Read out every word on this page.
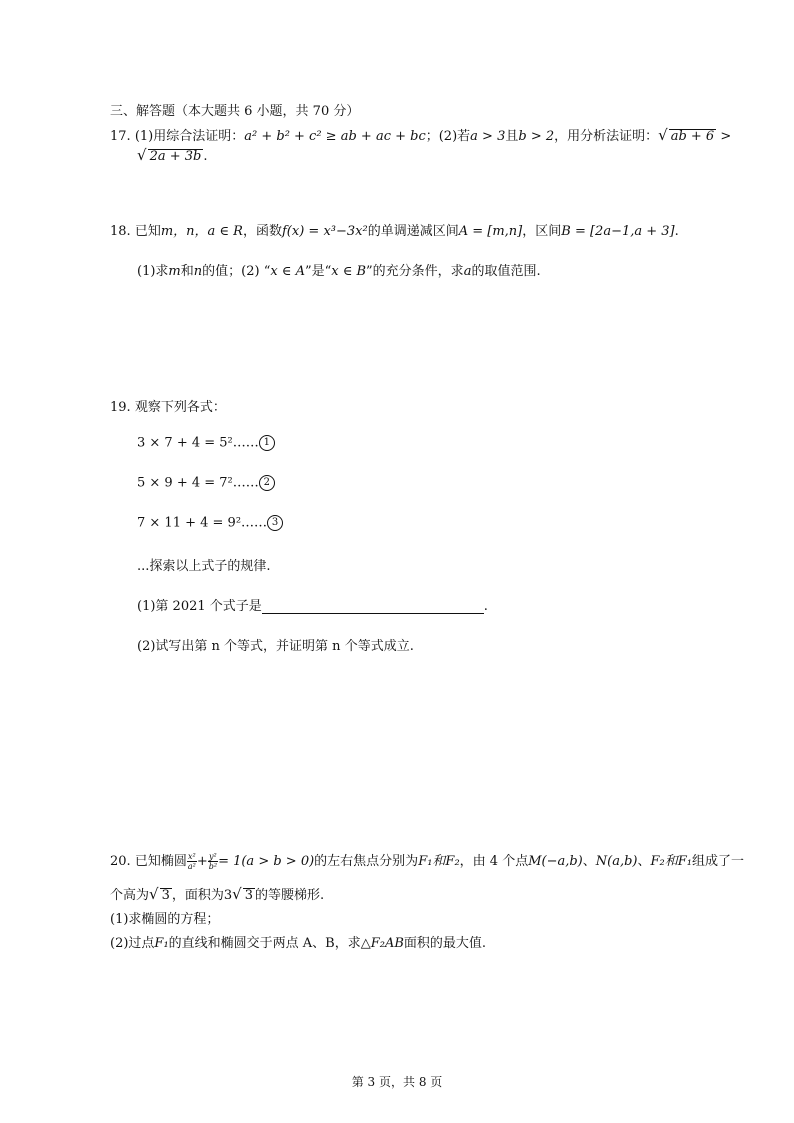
三、解答题（本大题共 6 小题，共 70 分）
17. (1)用综合法证明：a² + b² + c² ≥ ab + ac + bc；(2)若a > 3且b > 2，用分析法证明：√ ab + 6 >
√ 2a + 3b .
18. 已知m，n，a ∈ R，函数f(x) = x³−3x²的单调递减区间A = [m,n]，区间B = [2a−1,a + 3].
(1)求m和n的值；(2) “x ∈ A”是“x ∈ B”的充分条件，求a的取值范围.
19. 观察下列各式：
3 × 7 + 4 = 5²…… 1
5 × 9 + 4 = 7²…… 2
7 × 11 + 4 = 9²…… 3
...探索以上式子的规律.
(1)第 2021 个式子是	.
(2)试写出第 n 个等式，并证明第 n 个等式成立.
20. 已知椭圆 $\frac{\text{x²}}{\text{a²}} + \frac{\text{y²}}{\text{b²}} = 1(a > b > 0)$的左右焦点分别为F₁和F₂，由 4 个点M(−a,b)、N(a,b)、F₂和F₁组成了一
个高为√ 3 ，面积为3√ 3 的等腰梯形.
(1)求椭圆的方程；
(2)过点F₁的直线和椭圆交于两点 A、B，求△F₂AB面积的最大值.
第 3 页，共 8 页
